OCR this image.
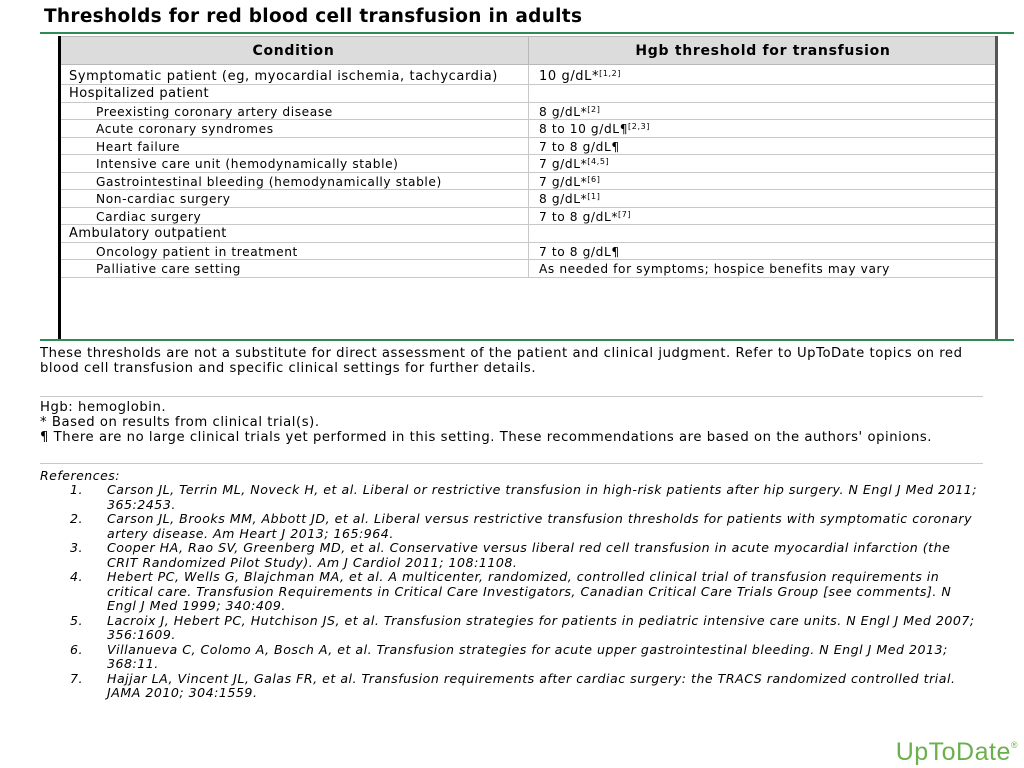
Thresholds for red blood cell transfusion in adults
Condition	Hgb threshold for transfusion
Symptomatic patient (eg, myocardial ischemia, tachycardia)	10 g/dL*[1,2]
Hospitalized patient	
Preexisting coronary artery disease	8 g/dL*[2]
Acute coronary syndromes	8 to 10 g/dL¶[2,3]
Heart failure	7 to 8 g/dL¶
Intensive care unit (hemodynamically stable)	7 g/dL*[4,5]
Gastrointestinal bleeding (hemodynamically stable)	7 g/dL*[6]
Non-cardiac surgery	8 g/dL*[1]
Cardiac surgery	7 to 8 g/dL*[7]
Ambulatory outpatient	
Oncology patient in treatment	7 to 8 g/dL¶
Palliative care setting	As needed for symptoms; hospice benefits may vary

These thresholds are not a substitute for direct assessment of the patient and clinical judgment. Refer to UpToDate topics on red blood cell transfusion and specific clinical settings for further details.

Hgb: hemoglobin.
* Based on results from clinical trial(s).
¶ There are no large clinical trials yet performed in this setting. These recommendations are based on the authors' opinions.

References:

1. Carson JL, Terrin ML, Noveck H, et al. Liberal or restrictive transfusion in high-risk patients after hip surgery. N Engl J Med 2011; 365:2453.
2. Carson JL, Brooks MM, Abbott JD, et al. Liberal versus restrictive transfusion thresholds for patients with symptomatic coronary artery disease. Am Heart J 2013; 165:964.
3. Cooper HA, Rao SV, Greenberg MD, et al. Conservative versus liberal red cell transfusion in acute myocardial infarction (the CRIT Randomized Pilot Study). Am J Cardiol 2011; 108:1108.
4. Hebert PC, Wells G, Blajchman MA, et al. A multicenter, randomized, controlled clinical trial of transfusion requirements in critical care. Transfusion Requirements in Critical Care Investigators, Canadian Critical Care Trials Group [see comments]. N Engl J Med 1999; 340:409.
5. Lacroix J, Hebert PC, Hutchison JS, et al. Transfusion strategies for patients in pediatric intensive care units. N Engl J Med 2007; 356:1609.
6. Villanueva C, Colomo A, Bosch A, et al. Transfusion strategies for acute upper gastrointestinal bleeding. N Engl J Med 2013; 368:11.
7. Hajjar LA, Vincent JL, Galas FR, et al. Transfusion requirements after cardiac surgery: the TRACS randomized controlled trial. JAMA 2010; 304:1559.
UpToDate®
